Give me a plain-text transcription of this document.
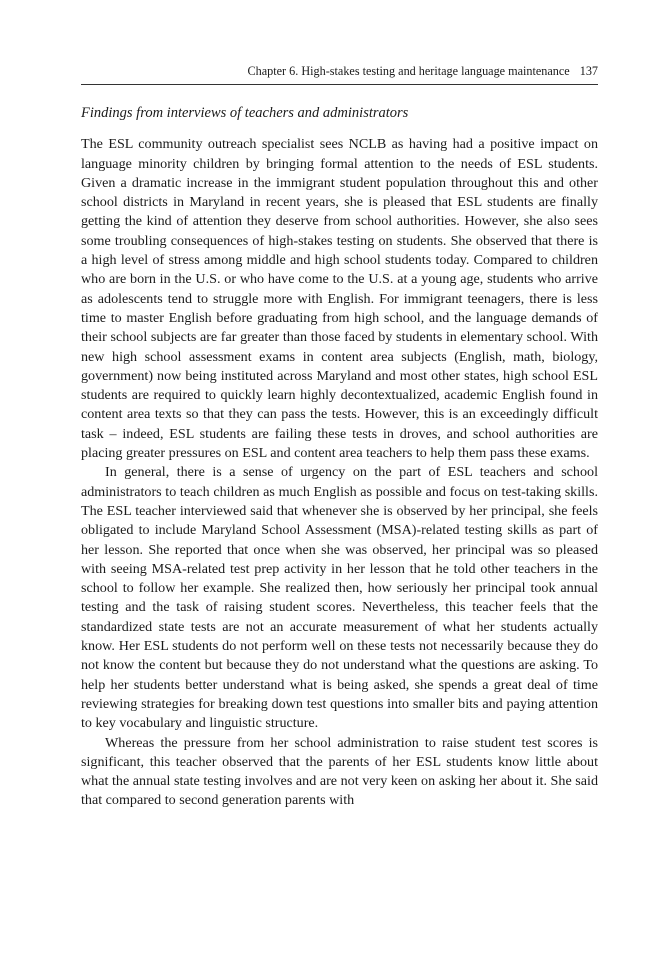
Chapter 6. High-stakes testing and heritage language maintenance 137
Findings from interviews of teachers and administrators

The ESL community outreach specialist sees NCLB as having had a positive impact on language minority children by bringing formal attention to the needs of ESL students. Given a dramatic increase in the immigrant student population throughout this and other school districts in Maryland in recent years, she is pleased that ESL students are finally getting the kind of attention they deserve from school authorities. However, she also sees some troubling consequences of high-stakes testing on students. She observed that there is a high level of stress among middle and high school students today. Compared to children who are born in the U.S. or who have come to the U.S. at a young age, students who arrive as adolescents tend to struggle more with English. For immigrant teenagers, there is less time to master English before graduating from high school, and the language demands of their school subjects are far greater than those faced by students in elementary school. With new high school assessment exams in content area subjects (English, math, biology, government) now being instituted across Maryland and most other states, high school ESL students are required to quickly learn highly decontextualized, academic English found in content area texts so that they can pass the tests. However, this is an exceedingly difficult task – indeed, ESL students are failing these tests in droves, and school authorities are placing greater pressures on ESL and content area teachers to help them pass these exams.

In general, there is a sense of urgency on the part of ESL teachers and school administrators to teach children as much English as possible and focus on test-taking skills. The ESL teacher interviewed said that whenever she is observed by her principal, she feels obligated to include Maryland School Assessment (MSA)-related testing skills as part of her lesson. She reported that once when she was observed, her principal was so pleased with seeing MSA-related test prep activity in her lesson that he told other teachers in the school to follow her example. She realized then, how seriously her principal took annual testing and the task of raising student scores. Nevertheless, this teacher feels that the standardized state tests are not an accurate measurement of what her students actually know. Her ESL students do not perform well on these tests not necessarily because they do not know the content but because they do not understand what the questions are asking. To help her students better understand what is being asked, she spends a great deal of time reviewing strategies for breaking down test questions into smaller bits and paying attention to key vocabulary and linguistic structure.

Whereas the pressure from her school administration to raise student test scores is significant, this teacher observed that the parents of her ESL students know little about what the annual state testing involves and are not very keen on asking her about it. She said that compared to second generation parents with
